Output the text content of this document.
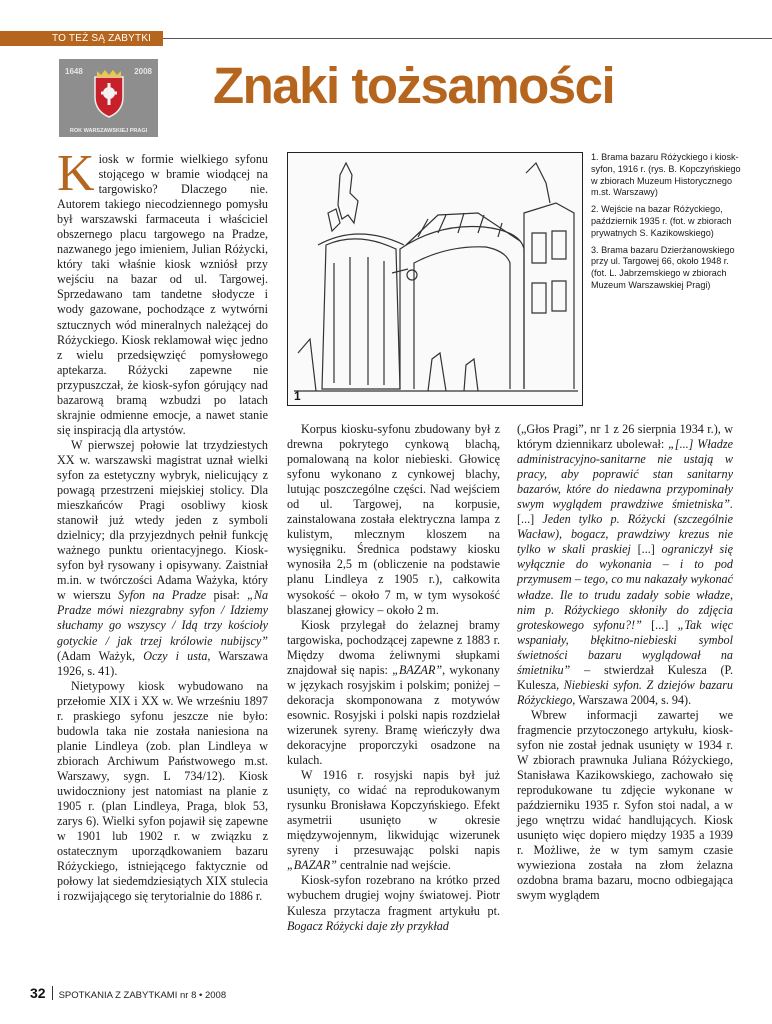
TO TEŻ SĄ ZABYTKI
1648	2008
ROK WARSZAWSKIEJ PRAGI
Znaki tożsamości
1

1. Brama bazaru Różyckiego i kiosk-syfon, 1916 r. (rys. B. Kopczyńskiego w zbiorach Muzeum Historycznego m.st. Warszawy)

2. Wejście na bazar Różyckiego, październik 1935 r. (fot. w zbiorach prywatnych S. Kazikowskiego)

3. Brama bazaru Dzierżanowskiego przy ul. Targowej 66, około 1948 r. (fot. L. Jabrzemskiego w zbiorach Muzeum Warszawskiej Pragi)

Kiosk w formie wielkiego syfonu stojącego w bramie wiodącej na targowisko? Dlaczego nie. Autorem takiego niecodziennego pomysłu był warszawski farmaceuta i właściciel obszernego placu targowego na Pradze, nazwanego jego imieniem, Julian Różycki, który taki właśnie kiosk wzniósł przy wejściu na bazar od ul. Targowej. Sprzedawano tam tandetne słodycze i wody gazowane, pochodzące z wytwórni sztucznych wód mineralnych należącej do Różyckiego. Kiosk reklamował więc jedno z wielu przedsięwzięć pomysłowego aptekarza. Różycki zapewne nie przypuszczał, że kiosk-syfon górujący nad bazarową bramą wzbudzi po latach skrajnie odmienne emocje, a nawet stanie się inspiracją dla artystów.

W pierwszej połowie lat trzydziestych XX w. warszawski magistrat uznał wielki syfon za estetyczny wybryk, nielicujący z powagą przestrzeni miejskiej stolicy. Dla mieszkańców Pragi osobliwy kiosk stanowił już wtedy jeden z symboli dzielnicy; dla przyjezdnych pełnił funkcję ważnego punktu orientacyjnego. Kiosk-syfon był rysowany i opisywany. Zaistniał m.in. w twórczości Adama Ważyka, który w wierszu Syfon na Pradze pisał: „Na Pradze mówi niezgrabny syfon / Idziemy słuchamy go wszyscy / Idą trzy kościoły gotyckie / jak trzej królowie nubijscy” (Adam Ważyk, Oczy i usta, Warszawa 1926, s. 41).

Nietypowy kiosk wybudowano na przełomie XIX i XX w. We wrześniu 1897 r. praskiego syfonu jeszcze nie było: budowla taka nie została naniesiona na planie Lindleya (zob. plan Lindleya w zbiorach Archiwum Państwowego m.st. Warszawy, sygn. L 734/12). Kiosk uwidoczniony jest natomiast na planie z 1905 r. (plan Lindleya, Praga, blok 53, zarys 6). Wielki syfon pojawił się zapewne w 1901 lub 1902 r. w związku z ostatecznym uporządkowaniem bazaru Różyckiego, istniejącego faktycznie od połowy lat siedemdziesiątych XIX stulecia i rozwijającego się terytorialnie do 1886 r.

Korpus kiosku-syfonu zbudowany był z drewna pokrytego cynkową blachą, pomalowaną na kolor niebieski. Głowicę syfonu wykonano z cynkowej blachy, lutując poszczególne części. Nad wejściem od ul. Targowej, na korpusie, zainstalowana została elektryczna lampa z kulistym, mlecznym kloszem na wysięgniku. Średnica podstawy kiosku wynosiła 2,5 m (obliczenie na podstawie planu Lindleya z 1905 r.), całkowita wysokość – około 7 m, w tym wysokość blaszanej głowicy – około 2 m.

Kiosk przylegał do żelaznej bramy targowiska, pochodzącej zapewne z 1883 r. Między dwoma żeliwnymi słupkami znajdował się napis: „BAZAR”, wykonany w językach rosyjskim i polskim; poniżej – dekoracja skomponowana z motywów esownic. Rosyjski i polski napis rozdzielał wizerunek syreny. Bramę wieńczyły dwa dekoracyjne proporczyki osadzone na kulach.

W 1916 r. rosyjski napis był już usunięty, co widać na reprodukowanym rysunku Bronisława Kopczyńskiego. Efekt asymetrii usunięto w okresie międzywojennym, likwidując wizerunek syreny i przesuwając polski napis „BAZAR” centralnie nad wejście.

Kiosk-syfon rozebrano na krótko przed wybuchem drugiej wojny światowej. Piotr Kulesza przytacza fragment artykułu pt. Bogacz Różycki daje zły przykład

(„Głos Pragi”, nr 1 z 26 sierpnia 1934 r.), w którym dziennikarz ubolewał: „[...] Władze administracyjno-sanitarne nie ustają w pracy, aby poprawić stan sanitarny bazarów, które do niedawna przypominały swym wyglądem prawdziwe śmietniska”. [...] Jeden tylko p. Różycki (szczególnie Wacław), bogacz, prawdziwy krezus nie tylko w skali praskiej [...] ograniczył się wyłącznie do wykonania – i to pod przymusem – tego, co mu nakazały wykonać władze. Ile to trudu zadały sobie władze, nim p. Różyckiego skłoniły do zdjęcia groteskowego syfonu?!” [...] „Tak więc wspaniały, błękitno-niebieski symbol świetności bazaru wyglądował na śmietniku” – stwierdzał Kulesza (P. Kulesza, Niebieski syfon. Z dziejów bazaru Różyckiego, Warszawa 2004, s. 94).

Wbrew informacji zawartej we fragmencie przytoczonego artykułu, kiosk-syfon nie został jednak usunięty w 1934 r. W zbiorach prawnuka Juliana Różyckiego, Stanisława Kazikowskiego, zachowało się reprodukowane tu zdjęcie wykonane w październiku 1935 r. Syfon stoi nadal, a w jego wnętrzu widać handlujących. Kiosk usunięto więc dopiero między 1935 a 1939 r. Możliwe, że w tym samym czasie wywieziona została na złom żelazna ozdobna brama bazaru, mocno odbiegająca swym wyglądem

32 SPOTKANIA Z ZABYTKAMI nr 8 • 2008
